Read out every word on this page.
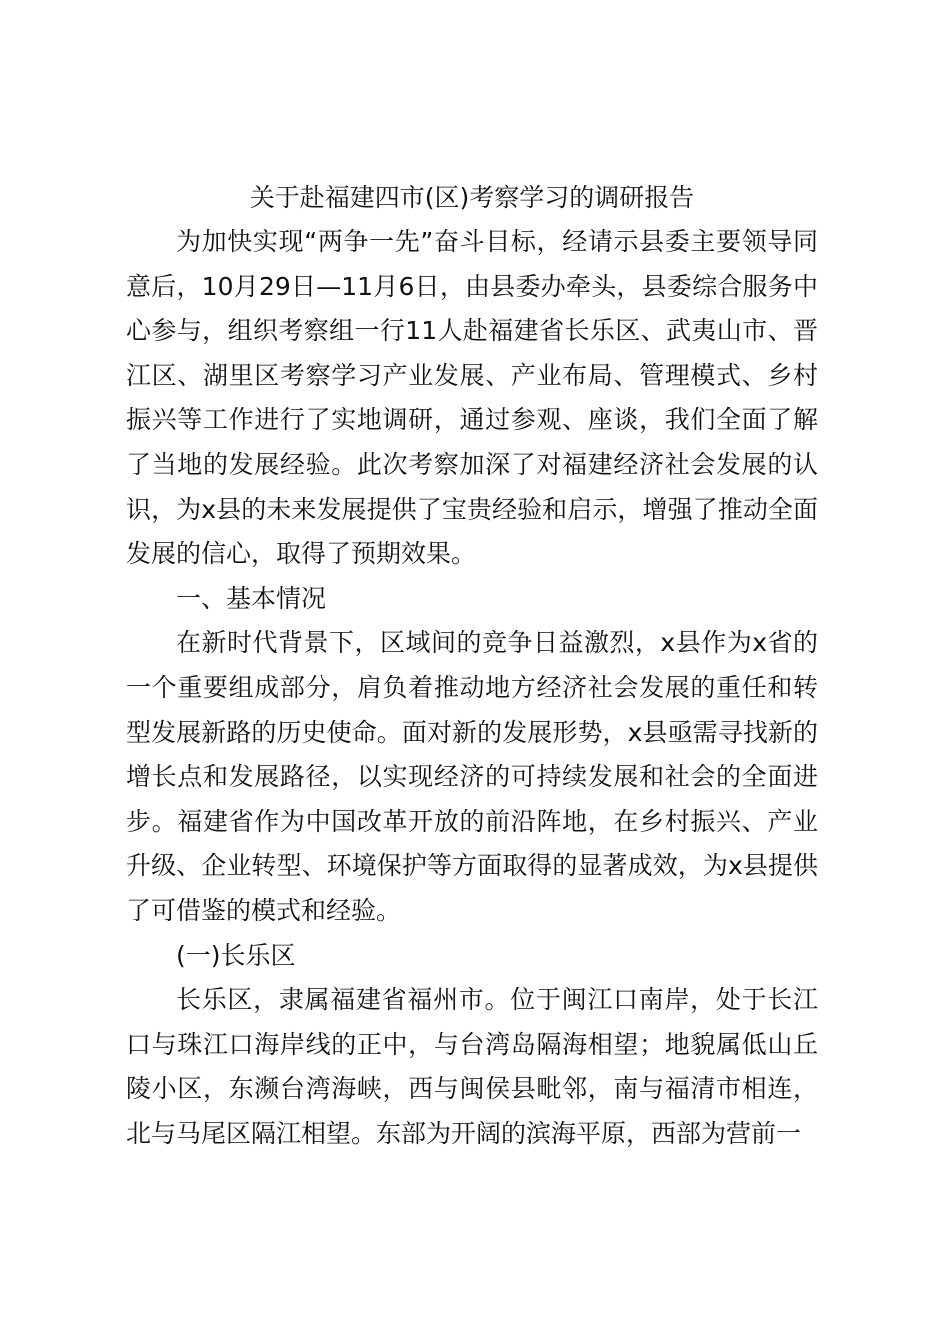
关于赴福建四市(区)考察学习的调研报告

为加快实现“两争一先”奋斗目标，经请示县委主要领导同意后，10月29日—11月6日，由县委办牵头，县委综合服务中心参与，组织考察组一行11人赴福建省长乐区、武夷山市、晋江区、湖里区考察学习产业发展、产业布局、管理模式、乡村振兴等工作进行了实地调研，通过参观、座谈，我们全面了解了当地的发展经验。此次考察加深了对福建经济社会发展的认识，为x县的未来发展提供了宝贵经验和启示，增强了推动全面发展的信心，取得了预期效果。

一、基本情况

在新时代背景下，区域间的竞争日益激烈，x县作为x省的一个重要组成部分，肩负着推动地方经济社会发展的重任和转型发展新路的历史使命。面对新的发展形势，x县亟需寻找新的增长点和发展路径，以实现经济的可持续发展和社会的全面进步。福建省作为中国改革开放的前沿阵地，在乡村振兴、产业升级、企业转型、环境保护等方面取得的显著成效，为x县提供了可借鉴的模式和经验。

(一)长乐区

长乐区，隶属福建省福州市。位于闽江口南岸，处于长江口与珠江口海岸线的正中，与台湾岛隔海相望；地貌属低山丘陵小区，东濒台湾海峡，西与闽侯县毗邻，南与福清市相连，北与马尾区隔江相望。东部为开阔的滨海平原，西部为营前一
